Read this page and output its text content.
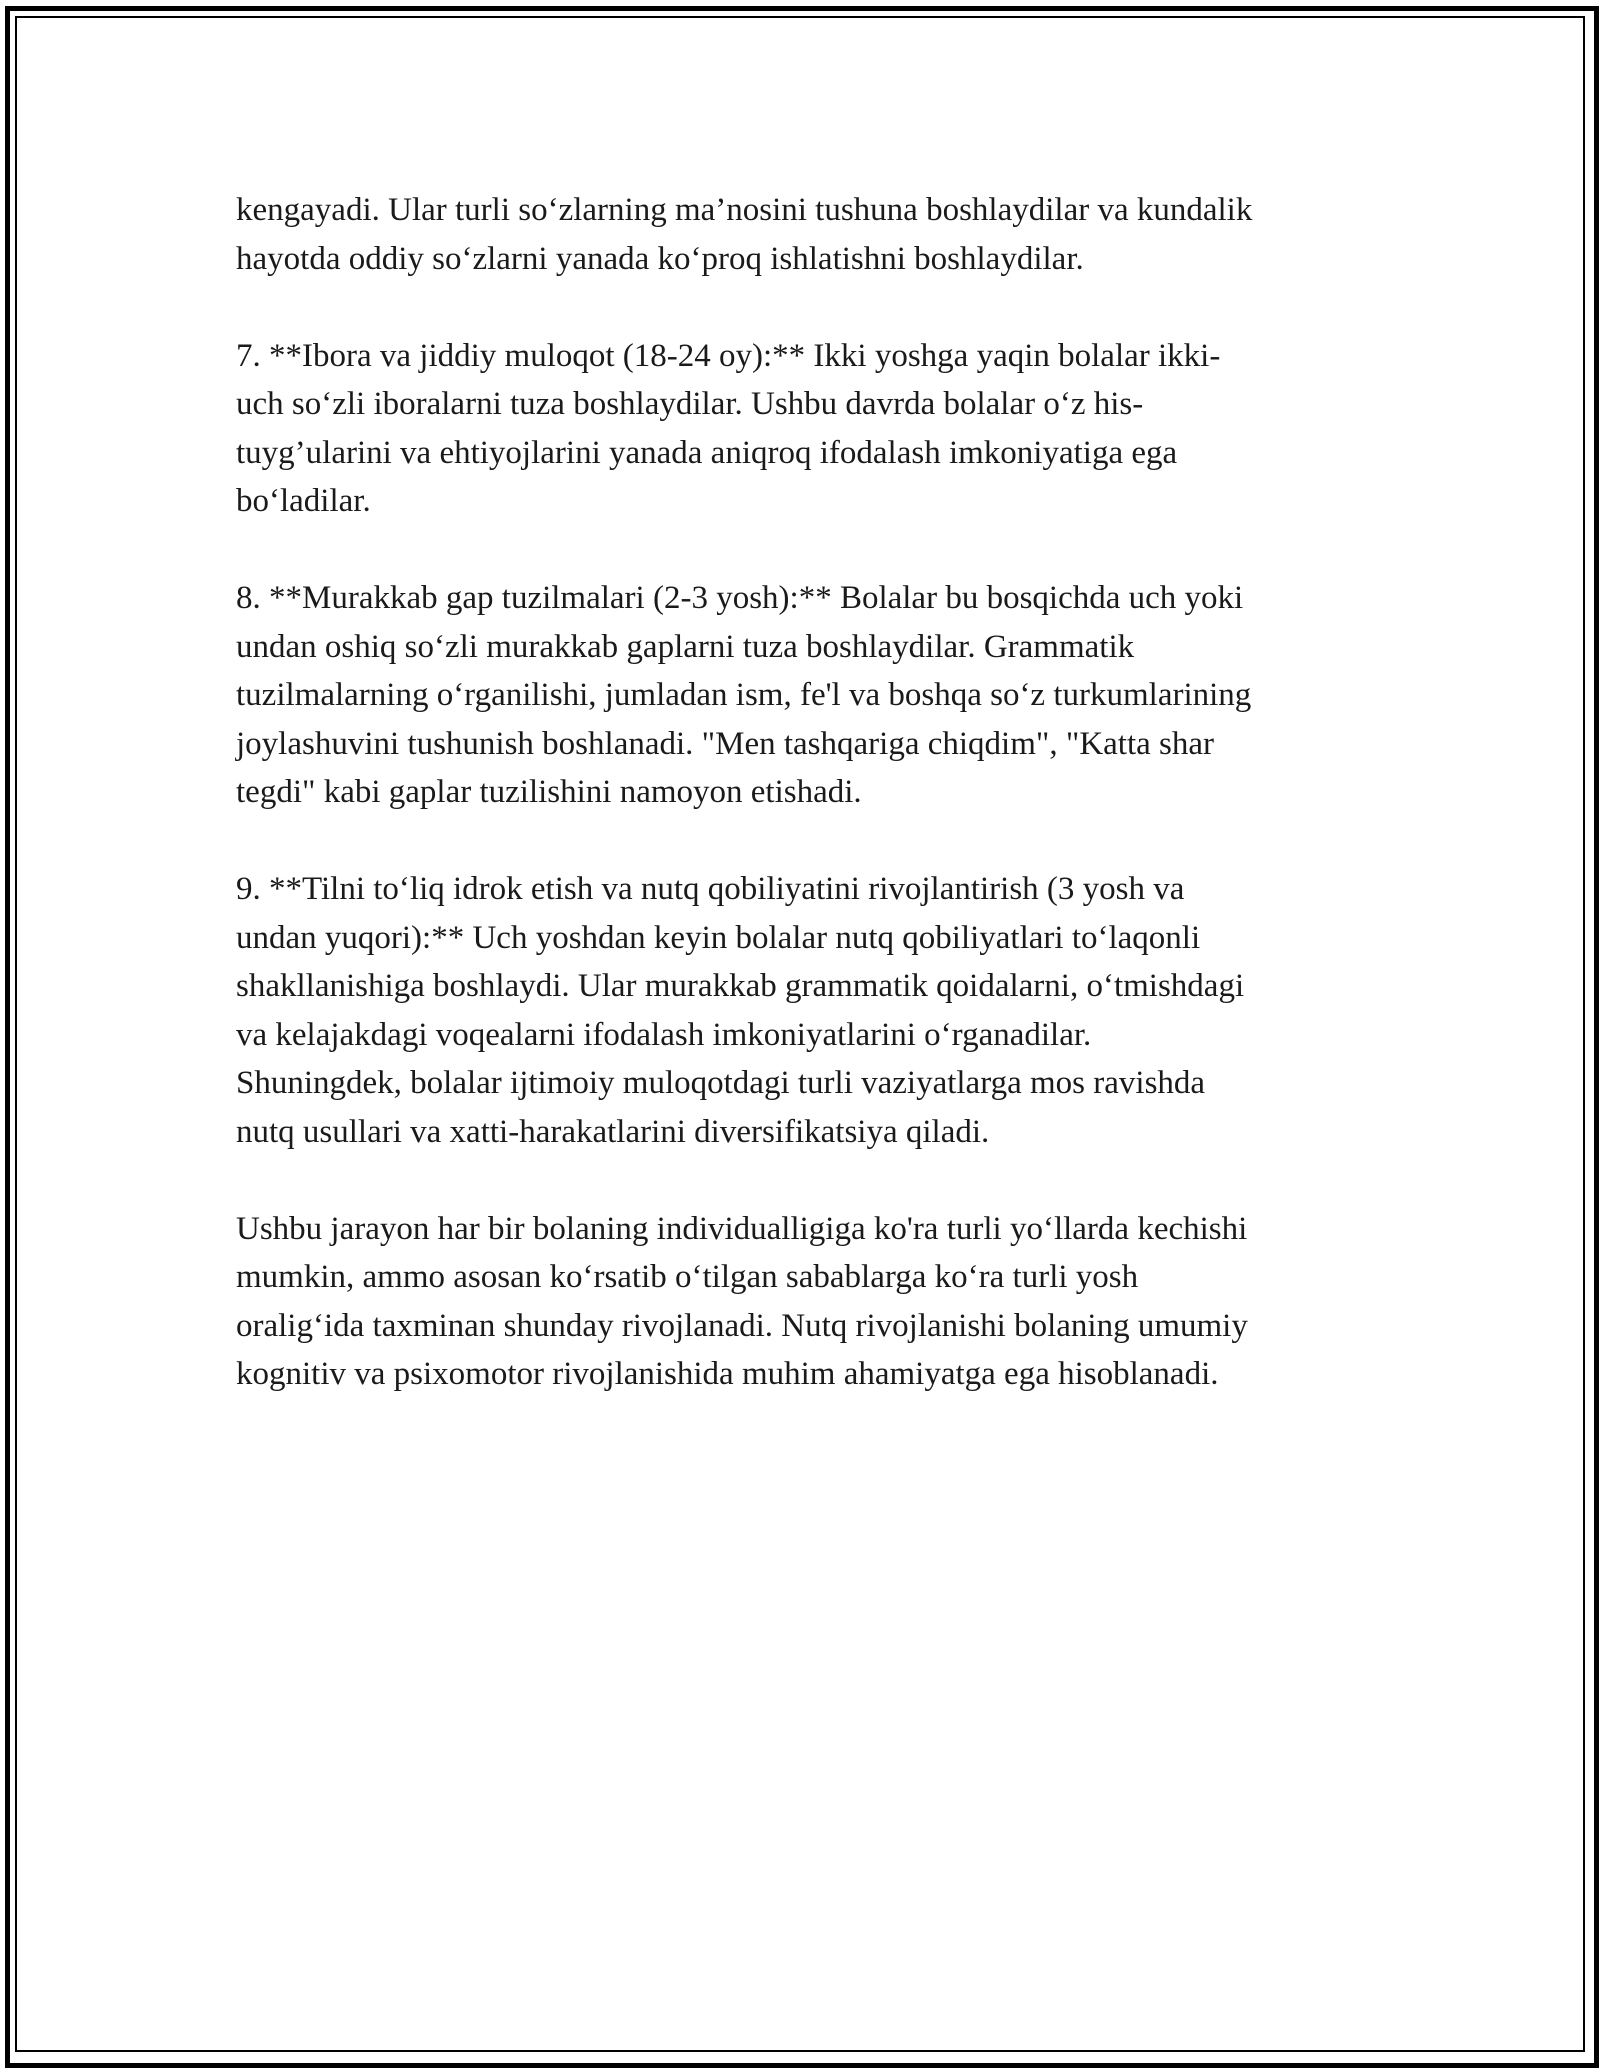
kengayadi. Ular turli so‘zlarning ma’nosini tushuna boshlaydilar va kundalik
hayotda oddiy so‘zlarni yanada ko‘proq ishlatishni boshlaydilar.

7. **Ibora va jiddiy muloqot (18-24 oy):** Ikki yoshga yaqin bolalar ikki-
uch so‘zli iboralarni tuza boshlaydilar. Ushbu davrda bolalar o‘z his-
tuyg’ularini va ehtiyojlarini yanada aniqroq ifodalash imkoniyatiga ega
bo‘ladilar.

8. **Murakkab gap tuzilmalari (2-3 yosh):** Bolalar bu bosqichda uch yoki
undan oshiq so‘zli murakkab gaplarni tuza boshlaydilar. Grammatik
tuzilmalarning o‘rganilishi, jumladan ism, fe'l va boshqa so‘z turkumlarining
joylashuvini tushunish boshlanadi. "Men tashqariga chiqdim", "Katta shar
tegdi" kabi gaplar tuzilishini namoyon etishadi.

9. **Tilni to‘liq idrok etish va nutq qobiliyatini rivojlantirish (3 yosh va
undan yuqori):** Uch yoshdan keyin bolalar nutq qobiliyatlari to‘laqonli
shakllanishiga boshlaydi. Ular murakkab grammatik qoidalarni, o‘tmishdagi
va kelajakdagi voqealarni ifodalash imkoniyatlarini o‘rganadilar.
Shuningdek, bolalar ijtimoiy muloqotdagi turli vaziyatlarga mos ravishda
nutq usullari va xatti-harakatlarini diversifikatsiya qiladi.

Ushbu jarayon har bir bolaning individualligiga ko'ra turli yo‘llarda kechishi
mumkin, ammo asosan ko‘rsatib o‘tilgan sabablarga ko‘ra turli yosh
oralig‘ida taxminan shunday rivojlanadi. Nutq rivojlanishi bolaning umumiy
kognitiv va psixomotor rivojlanishida muhim ahamiyatga ega hisoblanadi.
